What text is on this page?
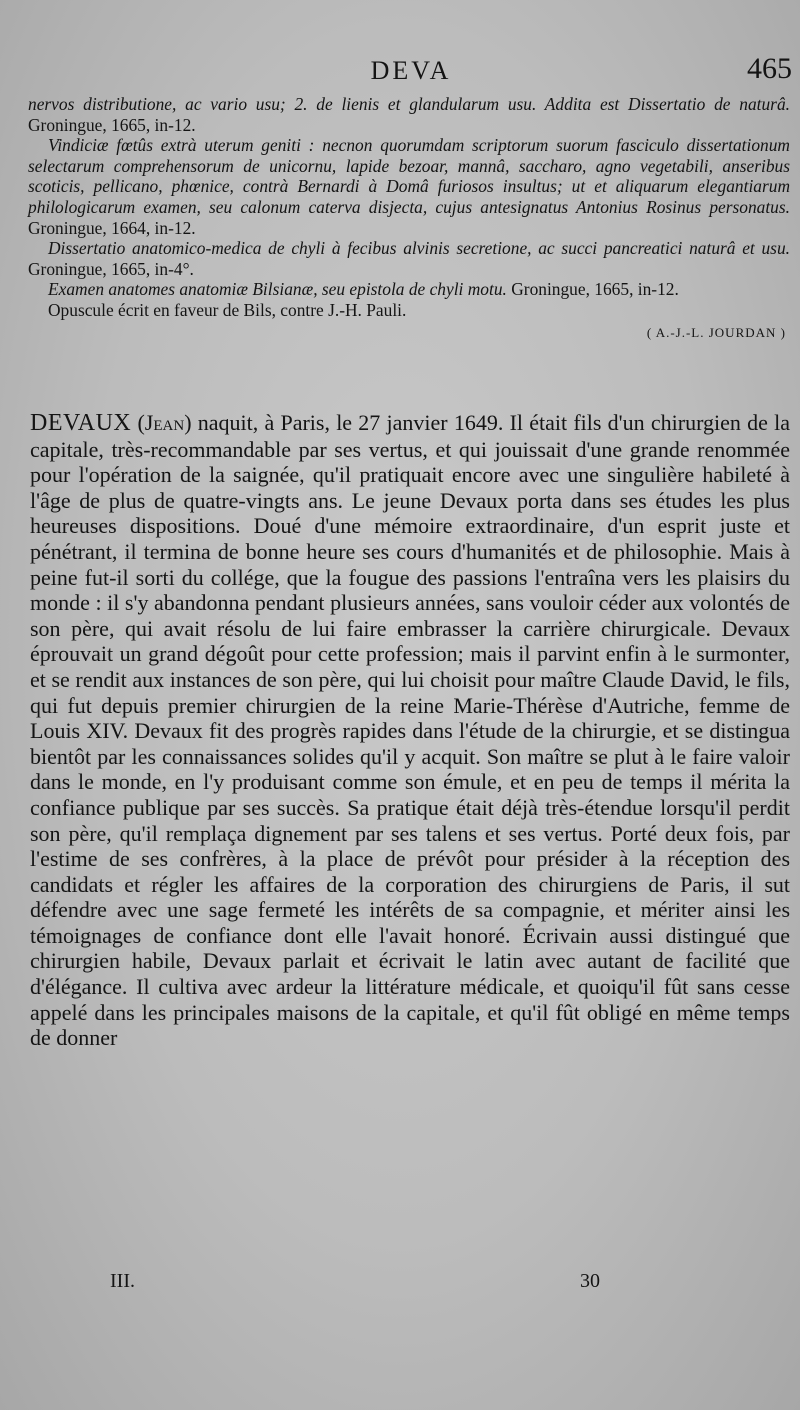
DEVA	465

nervos distributione, ac vario usu; 2. de lienis et glandularum usu. Addita est Dissertatio de naturâ. Groningue, 1665, in-12.

Vindiciæ fœtûs extrà uterum geniti : necnon quorumdam scriptorum suorum fasciculo dissertationum selectarum comprehensorum de unicornu, lapide bezoar, mannâ, saccharo, agno vegetabili, anseribus scoticis, pellicano, phœnice, contrà Bernardi à Domâ furiosos insultus; ut et aliquarum elegantiarum philologicarum examen, seu calonum caterva disjecta, cujus antesignatus Antonius Rosinus personatus. Groningue, 1664, in-12.

Dissertatio anatomico-medica de chyli à fecibus alvinis secretione, ac succi pancreatici naturâ et usu. Groningue, 1665, in-4°.

Examen anatomes anatomiæ Bilsianæ, seu epistola de chyli motu. Groningue, 1665, in-12.

Opuscule écrit en faveur de Bils, contre J.-H. Pauli.

( A.-J.-L. JOURDAN )

DEVAUX (Jean) naquit, à Paris, le 27 janvier 1649. Il était fils d'un chirurgien de la capitale, très-recommandable par ses vertus, et qui jouissait d'une grande renommée pour l'opération de la saignée, qu'il pratiquait encore avec une singulière habileté à l'âge de plus de quatre-vingts ans. Le jeune Devaux porta dans ses études les plus heureuses dispositions. Doué d'une mémoire extraordinaire, d'un esprit juste et pénétrant, il termina de bonne heure ses cours d'humanités et de philosophie. Mais à peine fut-il sorti du collége, que la fougue des passions l'entraîna vers les plaisirs du monde : il s'y abandonna pendant plusieurs années, sans vouloir céder aux volontés de son père, qui avait résolu de lui faire embrasser la carrière chirurgicale. Devaux éprouvait un grand dégoût pour cette profession; mais il parvint enfin à le surmonter, et se rendit aux instances de son père, qui lui choisit pour maître Claude David, le fils, qui fut depuis premier chirurgien de la reine Marie-Thérèse d'Autriche, femme de Louis XIV. Devaux fit des progrès rapides dans l'étude de la chirurgie, et se distingua bientôt par les connaissances solides qu'il y acquit. Son maître se plut à le faire valoir dans le monde, en l'y produisant comme son émule, et en peu de temps il mérita la confiance publique par ses succès. Sa pratique était déjà très-étendue lorsqu'il perdit son père, qu'il remplaça dignement par ses talens et ses vertus. Porté deux fois, par l'estime de ses confrères, à la place de prévôt pour présider à la réception des candidats et régler les affaires de la corporation des chirurgiens de Paris, il sut défendre avec une sage fermeté les intérêts de sa compagnie, et mériter ainsi les témoignages de confiance dont elle l'avait honoré. Écrivain aussi distingué que chirurgien habile, Devaux parlait et écrivait le latin avec autant de facilité que d'élégance. Il cultiva avec ardeur la littérature médicale, et quoiqu'il fût sans cesse appelé dans les principales maisons de la capitale, et qu'il fût obligé en même temps de donner

III.	30
